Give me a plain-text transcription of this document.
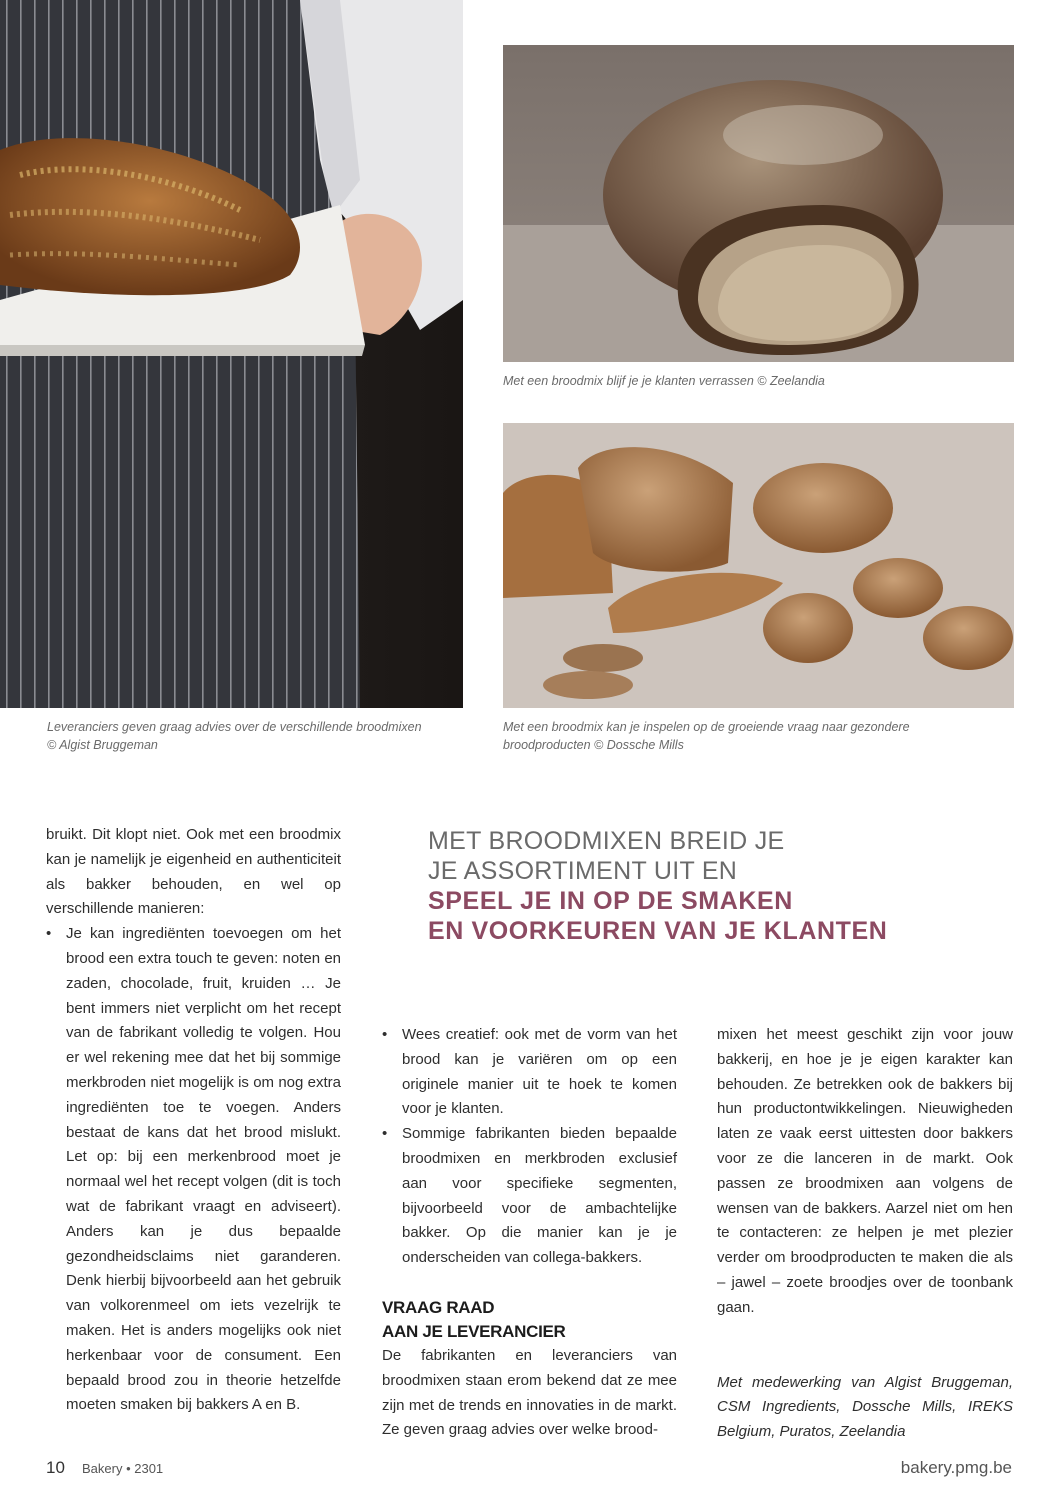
Met een broodmix blijf je je klanten verrassen © Zeelandia
Leveranciers geven graag advies over de verschillende broodmixen
© Algist Bruggeman
Met een broodmix kan je inspelen op de groeiende vraag naar gezondere
broodproducten © Dossche Mills
MET BROODMIXEN BREID JE
JE ASSORTIMENT UIT EN
SPEEL JE IN OP DE SMAKEN
EN VOORKEUREN VAN JE KLANTEN

bruikt. Dit klopt niet. Ook met een broodmix kan je namelijk je eigenheid en authenticiteit als bakker behouden, en wel op verschillende manieren:

• Je kan ingrediënten toevoegen om het brood een extra touch te geven: noten en zaden, chocolade, fruit, kruiden … Je bent immers niet verplicht om het recept van de fabrikant volledig te volgen. Hou er wel rekening mee dat het bij sommige merkbroden niet mogelijk is om nog extra ingrediënten toe te voegen. Anders bestaat de kans dat het brood mislukt. Let op: bij een merkenbrood moet je normaal wel het recept volgen (dit is toch wat de fabrikant vraagt en adviseert). Anders kan je dus bepaalde gezondheidsclaims niet garanderen. Denk hierbij bijvoorbeeld aan het gebruik van volkorenmeel om iets vezelrijk te maken. Het is anders mogelijks ook niet herkenbaar voor de consument. Een bepaald brood zou in theorie hetzelfde moeten smaken bij bakkers A en B.
• Wees creatief: ook met de vorm van het brood kan je variëren om op een originele manier uit te hoek te komen voor je klanten.
• Sommige fabrikanten bieden bepaalde broodmixen en merkbroden exclusief aan voor specifieke segmenten, bijvoorbeeld voor de ambachtelijke bakker. Op die manier kan je je onderscheiden van collega-bakkers.
VRAAG RAAD
AAN JE LEVERANCIER

De fabrikanten en leveranciers van broodmixen staan erom bekend dat ze mee zijn met de trends en innovaties in de markt. Ze geven graag advies over welke brood-

mixen het meest geschikt zijn voor jouw bakkerij, en hoe je je eigen karakter kan behouden. Ze betrekken ook de bakkers bij hun productontwikkelingen. Nieuwigheden laten ze vaak eerst uittesten door bakkers voor ze die lanceren in de markt. Ook passen ze broodmixen aan volgens de wensen van de bakkers. Aarzel niet om hen te contacteren: ze helpen je met plezier verder om broodproducten te maken die als – jawel – zoete broodjes over de toonbank gaan.

Met medewerking van Algist Bruggeman, CSM Ingredients, Dossche Mills, IREKS Belgium, Puratos, Zeelandia

10 Bakery • 2301	bakery.pmg.be
